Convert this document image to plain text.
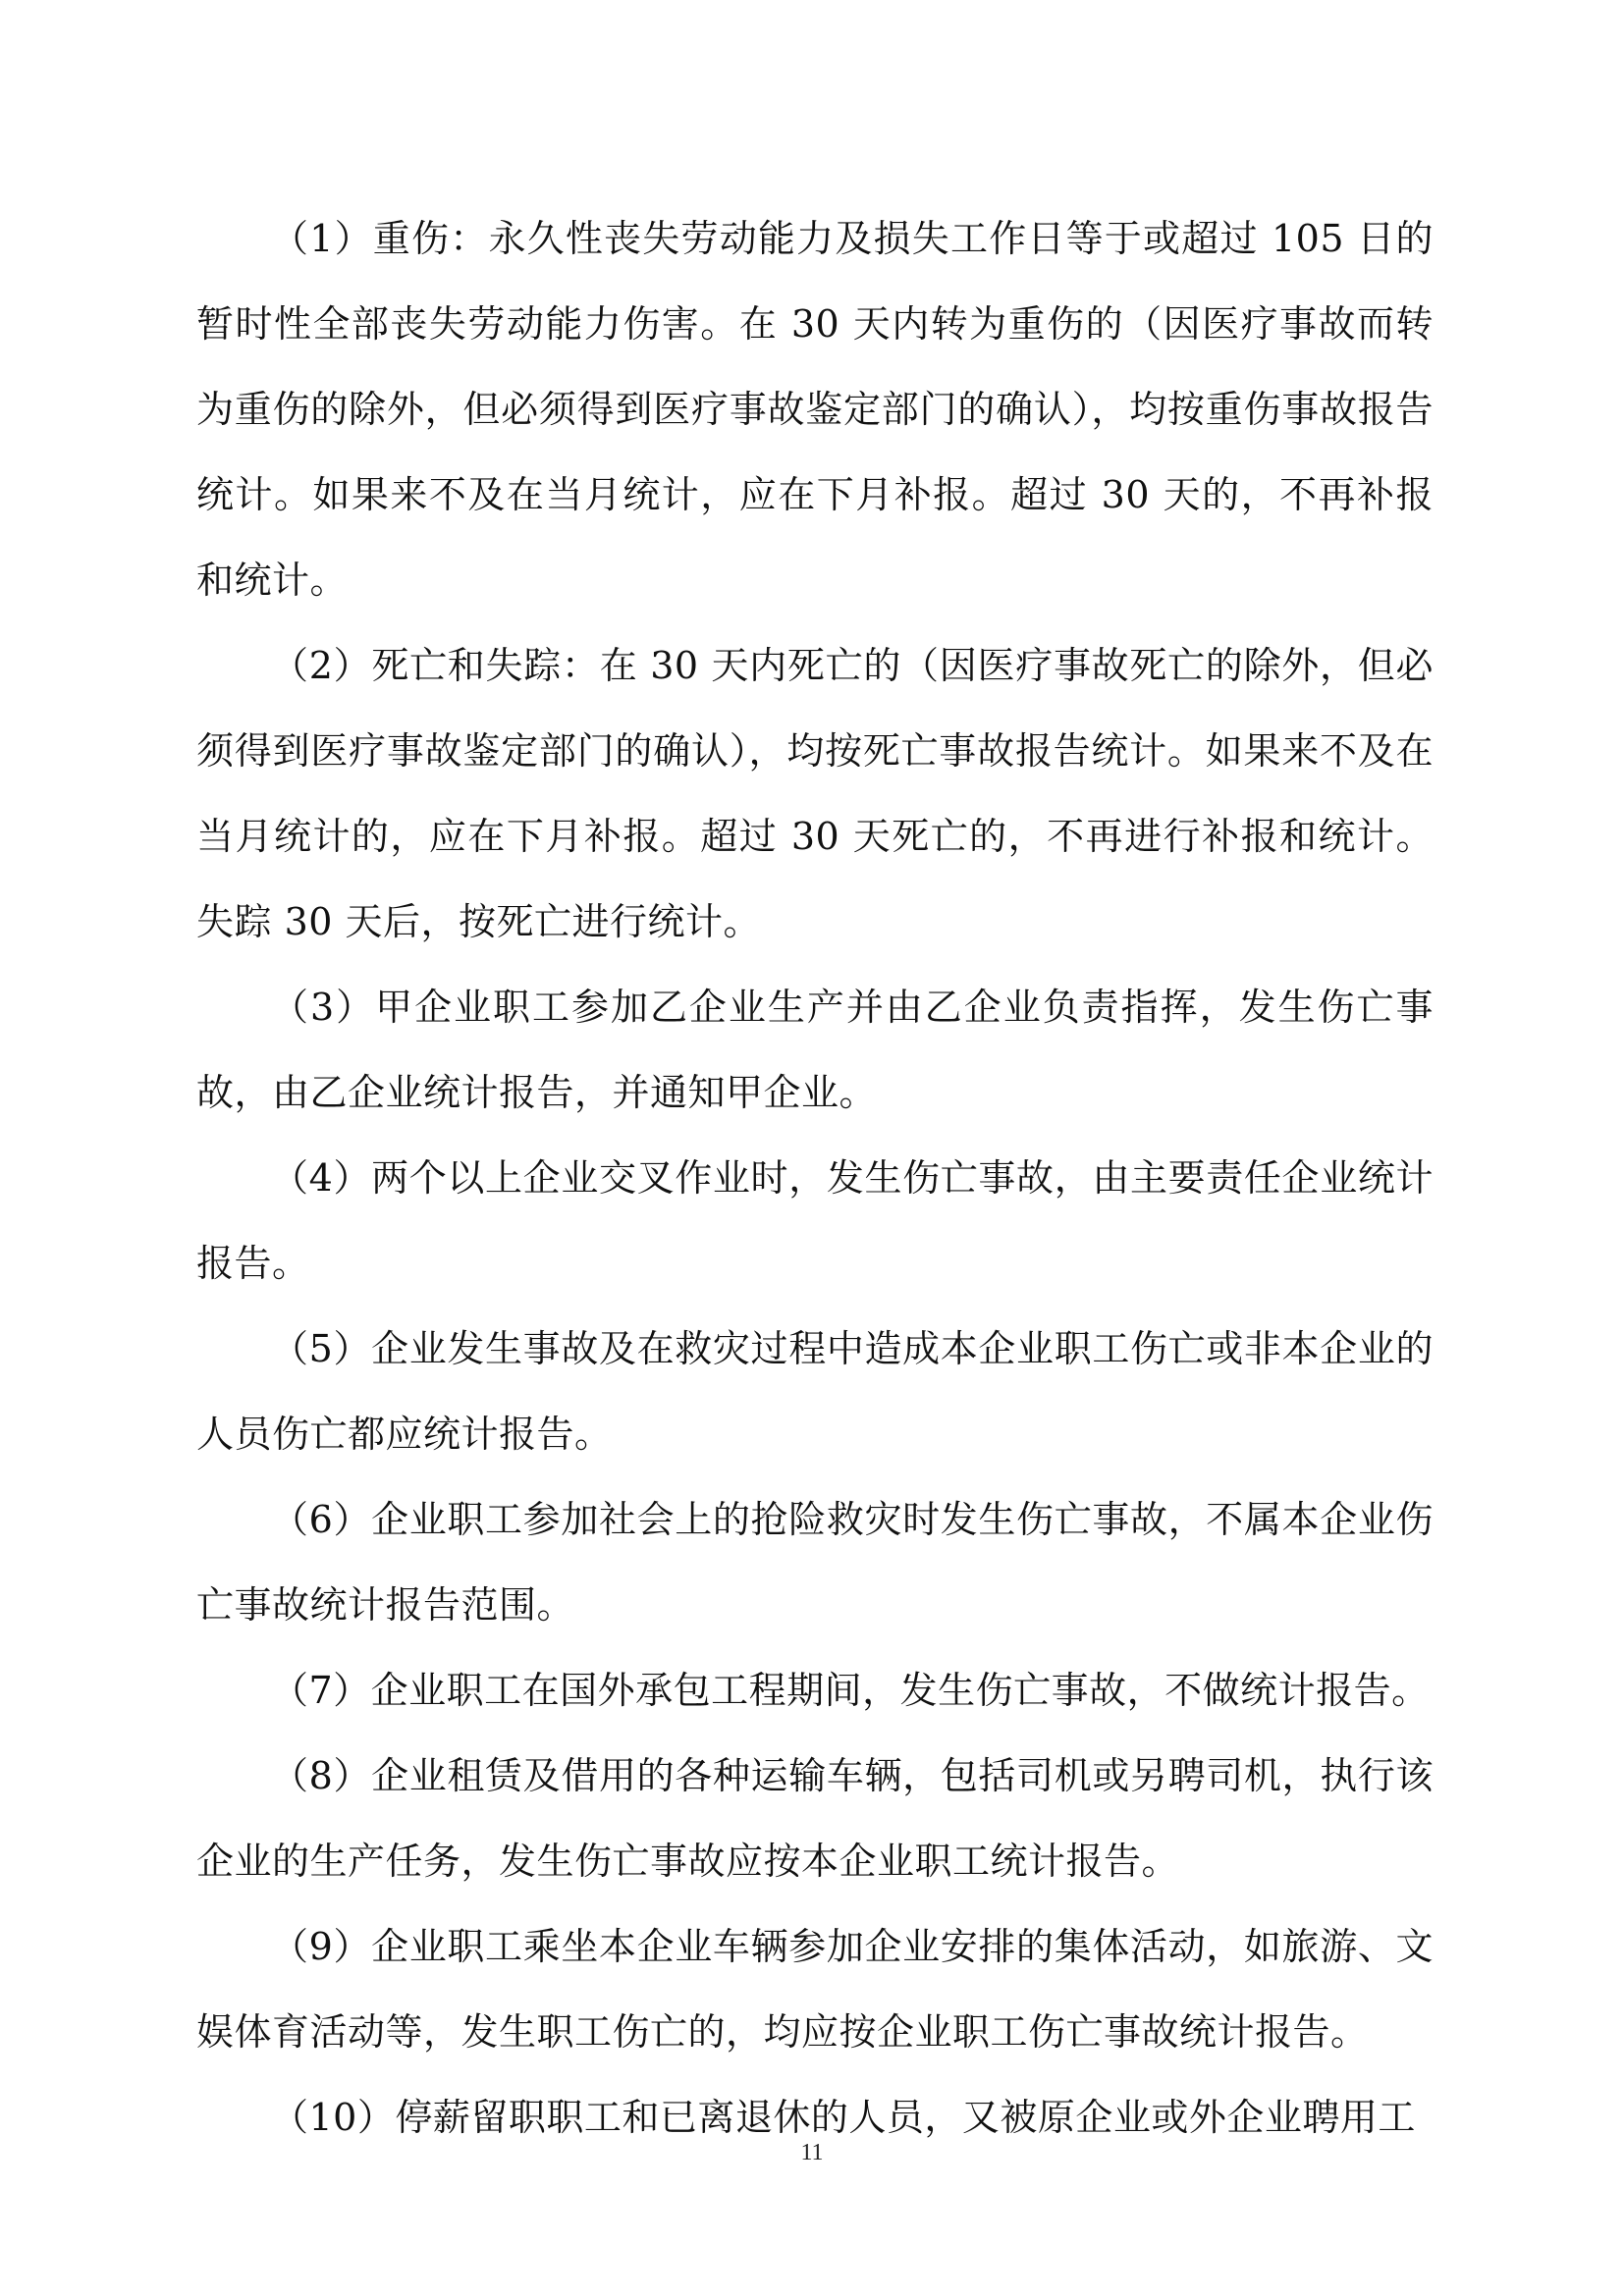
（1）重伤：永久性丧失劳动能力及损失工作日等于或超过 105 日的暂时性全部丧失劳动能力伤害。在 30 天内转为重伤的（因医疗事故而转为重伤的除外，但必须得到医疗事故鉴定部门的确认），均按重伤事故报告统计。如果来不及在当月统计，应在下月补报。超过 30 天的，不再补报和统计。

（2）死亡和失踪：在 30 天内死亡的（因医疗事故死亡的除外，但必须得到医疗事故鉴定部门的确认），均按死亡事故报告统计。如果来不及在当月统计的，应在下月补报。超过 30 天死亡的，不再进行补报和统计。失踪 30 天后，按死亡进行统计。

（3）甲企业职工参加乙企业生产并由乙企业负责指挥，发生伤亡事故，由乙企业统计报告，并通知甲企业。

（4）两个以上企业交叉作业时，发生伤亡事故，由主要责任企业统计报告。

（5）企业发生事故及在救灾过程中造成本企业职工伤亡或非本企业的人员伤亡都应统计报告。

（6）企业职工参加社会上的抢险救灾时发生伤亡事故，不属本企业伤亡事故统计报告范围。

（7）企业职工在国外承包工程期间，发生伤亡事故，不做统计报告。

（8）企业租赁及借用的各种运输车辆，包括司机或另聘司机，执行该企业的生产任务，发生伤亡事故应按本企业职工统计报告。

（9）企业职工乘坐本企业车辆参加企业安排的集体活动，如旅游、文娱体育活动等，发生职工伤亡的，均应按企业职工伤亡事故统计报告。

（10）停薪留职职工和已离退休的人员，又被原企业或外企业聘用工

11
